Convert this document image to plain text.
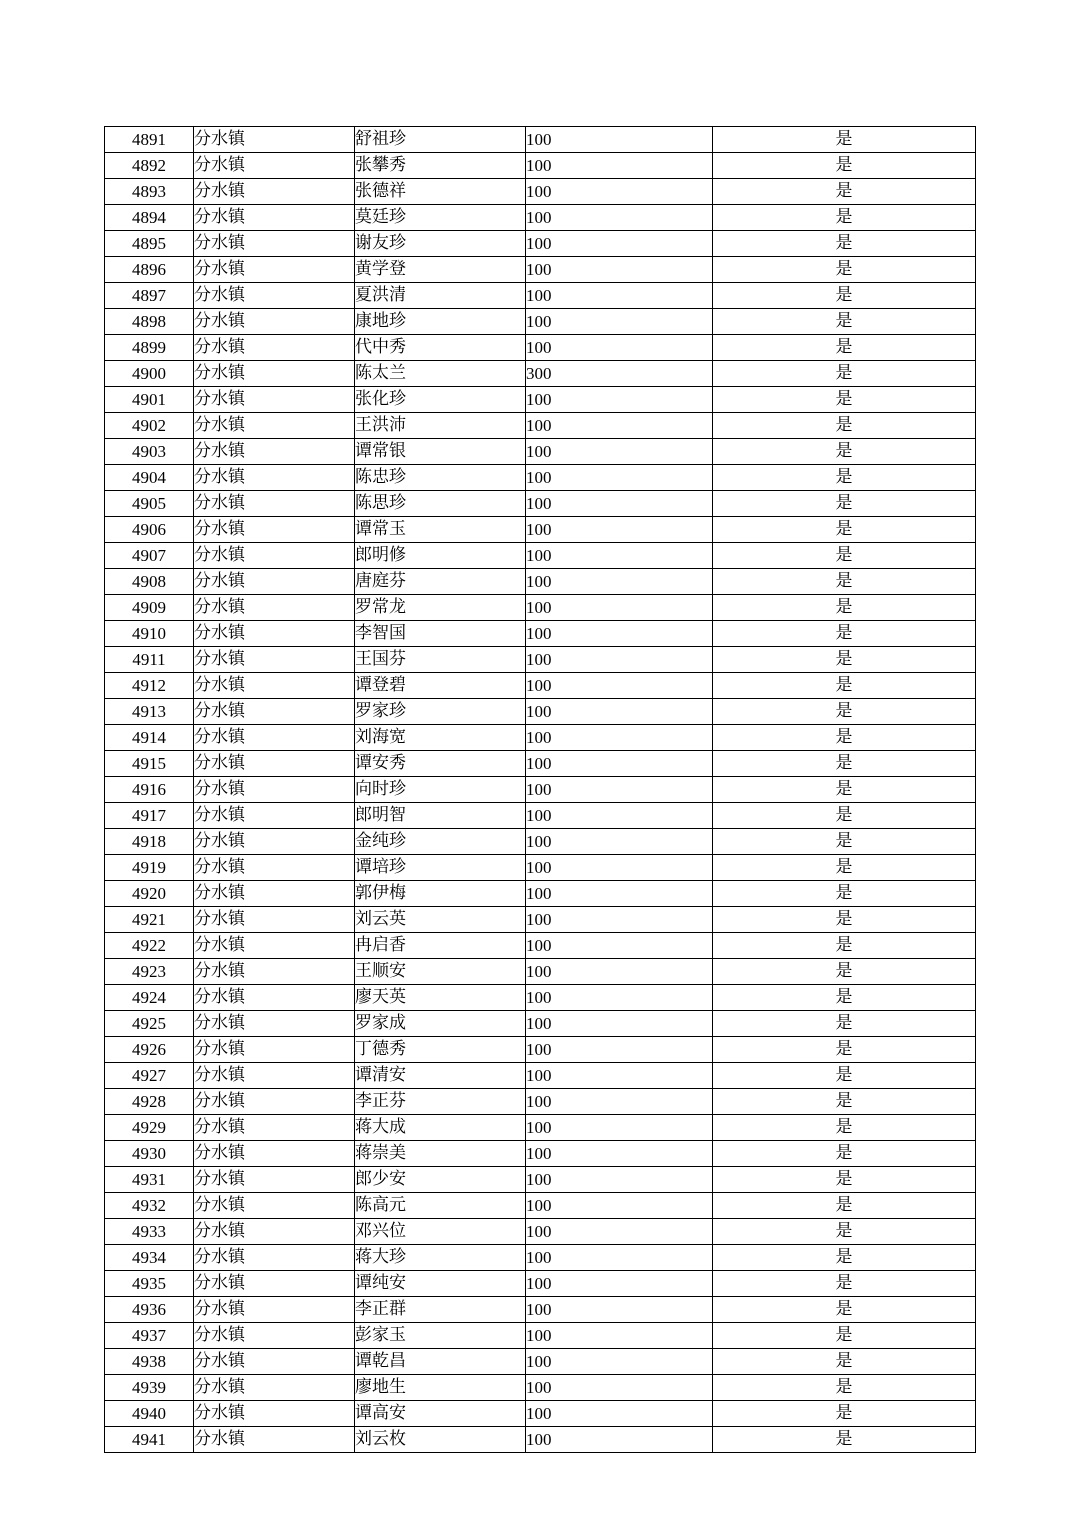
4891	分水镇	舒祖珍	100	是
4892	分水镇	张攀秀	100	是
4893	分水镇	张德祥	100	是
4894	分水镇	莫廷珍	100	是
4895	分水镇	谢友珍	100	是
4896	分水镇	黄学登	100	是
4897	分水镇	夏洪清	100	是
4898	分水镇	康地珍	100	是
4899	分水镇	代中秀	100	是
4900	分水镇	陈太兰	300	是
4901	分水镇	张化珍	100	是
4902	分水镇	王洪沛	100	是
4903	分水镇	谭常银	100	是
4904	分水镇	陈忠珍	100	是
4905	分水镇	陈思珍	100	是
4906	分水镇	谭常玉	100	是
4907	分水镇	郎明修	100	是
4908	分水镇	唐庭芬	100	是
4909	分水镇	罗常龙	100	是
4910	分水镇	李智国	100	是
4911	分水镇	王国芬	100	是
4912	分水镇	谭登碧	100	是
4913	分水镇	罗家珍	100	是
4914	分水镇	刘海宽	100	是
4915	分水镇	谭安秀	100	是
4916	分水镇	向时珍	100	是
4917	分水镇	郎明智	100	是
4918	分水镇	金纯珍	100	是
4919	分水镇	谭培珍	100	是
4920	分水镇	郭伊梅	100	是
4921	分水镇	刘云英	100	是
4922	分水镇	冉启香	100	是
4923	分水镇	王顺安	100	是
4924	分水镇	廖天英	100	是
4925	分水镇	罗家成	100	是
4926	分水镇	丁德秀	100	是
4927	分水镇	谭清安	100	是
4928	分水镇	李正芬	100	是
4929	分水镇	蒋大成	100	是
4930	分水镇	蒋崇美	100	是
4931	分水镇	郎少安	100	是
4932	分水镇	陈高元	100	是
4933	分水镇	邓兴位	100	是
4934	分水镇	蒋大珍	100	是
4935	分水镇	谭纯安	100	是
4936	分水镇	李正群	100	是
4937	分水镇	彭家玉	100	是
4938	分水镇	谭乾昌	100	是
4939	分水镇	廖地生	100	是
4940	分水镇	谭高安	100	是
4941	分水镇	刘云枚	100	是
